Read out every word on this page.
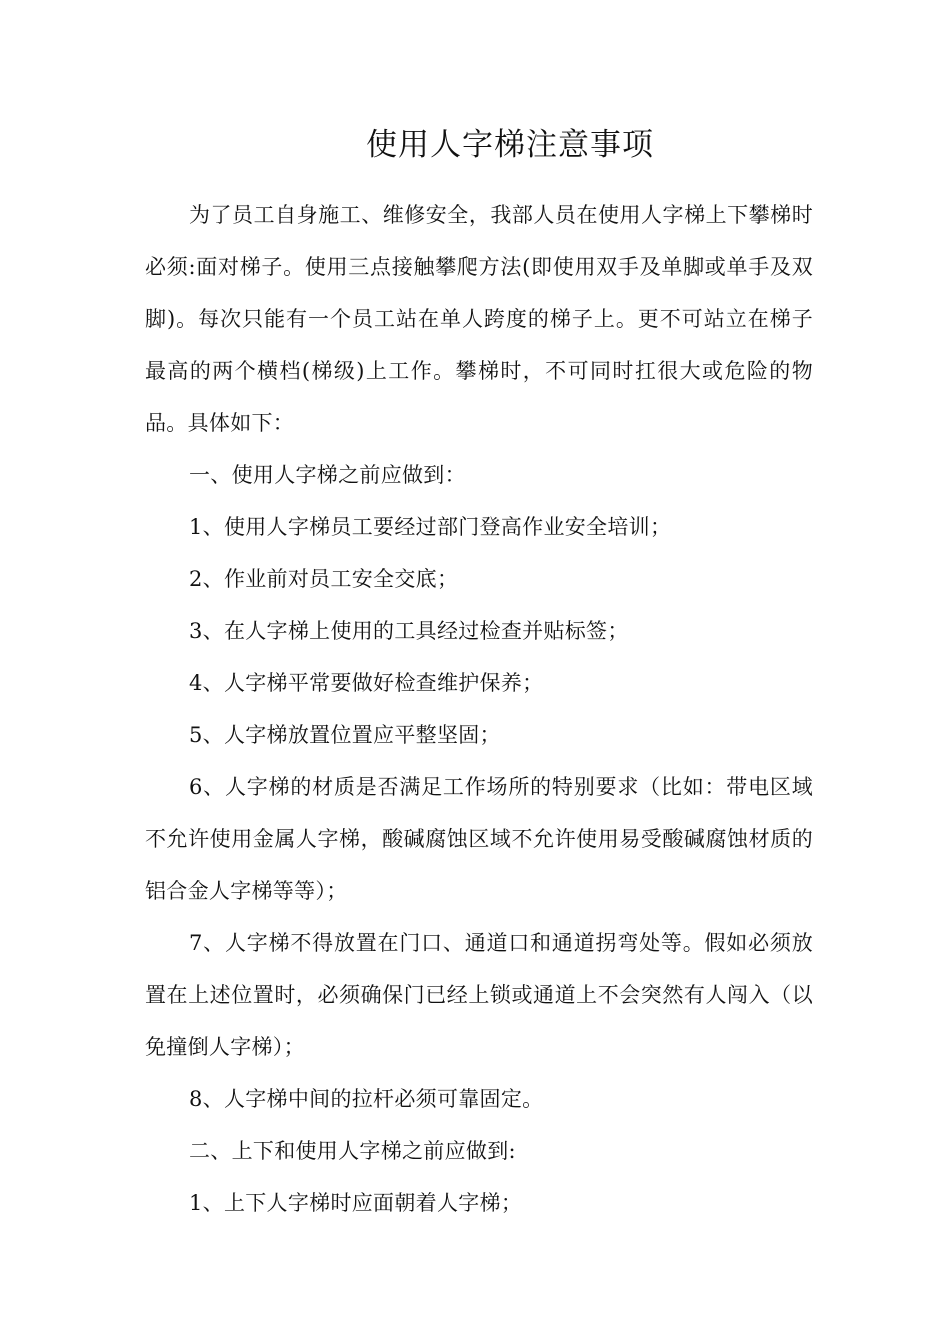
使用人字梯注意事项

为了员工自身施工、维修安全，我部人员在使用人字梯上下攀梯时必须:面对梯子。使用三点接触攀爬方法(即使用双手及单脚或单手及双脚)。每次只能有一个员工站在单人跨度的梯子上。更不可站立在梯子最高的两个横档(梯级)上工作。攀梯时，不可同时扛很大或危险的物品。具体如下：

一、使用人字梯之前应做到：

1、使用人字梯员工要经过部门登高作业安全培训；

2、作业前对员工安全交底；

3、在人字梯上使用的工具经过检查并贴标签；

4、人字梯平常要做好检查维护保养；

5、人字梯放置位置应平整坚固；

6、人字梯的材质是否满足工作场所的特别要求（比如：带电区域不允许使用金属人字梯，酸碱腐蚀区域不允许使用易受酸碱腐蚀材质的铝合金人字梯等等）；

7、人字梯不得放置在门口、通道口和通道拐弯处等。假如必须放置在上述位置时，必须确保门已经上锁或通道上不会突然有人闯入（以免撞倒人字梯）；

8、人字梯中间的拉杆必须可靠固定。

二、上下和使用人字梯之前应做到:

1、上下人字梯时应面朝着人字梯；
